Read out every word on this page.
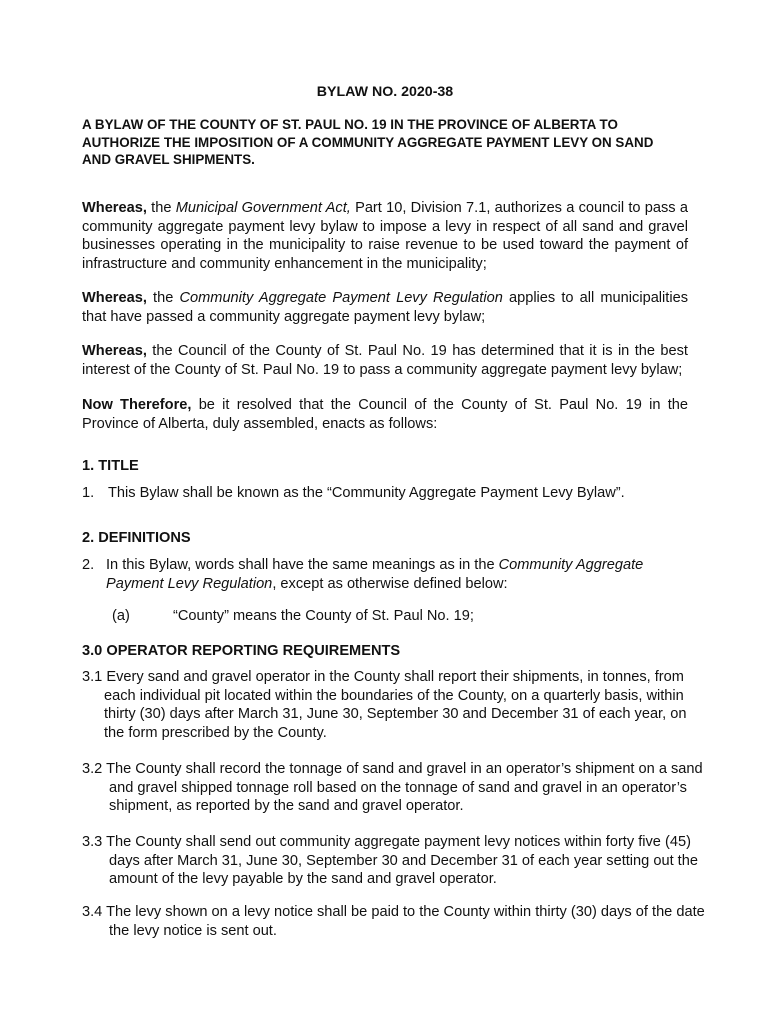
BYLAW NO. 2020-38
A BYLAW OF THE COUNTY OF ST. PAUL NO. 19 IN THE PROVINCE OF ALBERTA TO AUTHORIZE THE IMPOSITION OF A COMMUNITY AGGREGATE PAYMENT LEVY ON SAND AND GRAVEL SHIPMENTS.
Whereas, the Municipal Government Act, Part 10, Division 7.1, authorizes a council to pass a community aggregate payment levy bylaw to impose a levy in respect of all sand and gravel businesses operating in the municipality to raise revenue to be used toward the payment of infrastructure and community enhancement in the municipality;
Whereas, the Community Aggregate Payment Levy Regulation applies to all municipalities that have passed a community aggregate payment levy bylaw;
Whereas, the Council of the County of St. Paul No. 19 has determined that it is in the best interest of the County of St. Paul No. 19 to pass a community aggregate payment levy bylaw;
Now Therefore, be it resolved that the Council of the County of St. Paul No. 19 in the Province of Alberta, duly assembled, enacts as follows:
1. TITLE
1. This Bylaw shall be known as the “Community Aggregate Payment Levy Bylaw”.
2. DEFINITIONS
2. In this Bylaw, words shall have the same meanings as in the Community Aggregate Payment Levy Regulation, except as otherwise defined below:
(a)	“County” means the County of St. Paul No. 19;
3.0 OPERATOR REPORTING REQUIREMENTS
3.1 Every sand and gravel operator in the County shall report their shipments, in tonnes, from each individual pit located within the boundaries of the County, on a quarterly basis, within thirty (30) days after March 31, June 30, September 30 and December 31 of each year, on the form prescribed by the County.
3.2 The County shall record the tonnage of sand and gravel in an operator’s shipment on a sand and gravel shipped tonnage roll based on the tonnage of sand and gravel in an operator’s shipment, as reported by the sand and gravel operator.
3.3 The County shall send out community aggregate payment levy notices within forty five (45) days after March 31, June 30, September 30 and December 31 of each year setting out the amount of the levy payable by the sand and gravel operator.
3.4 The levy shown on a levy notice shall be paid to the County within thirty (30) days of the date the levy notice is sent out.
